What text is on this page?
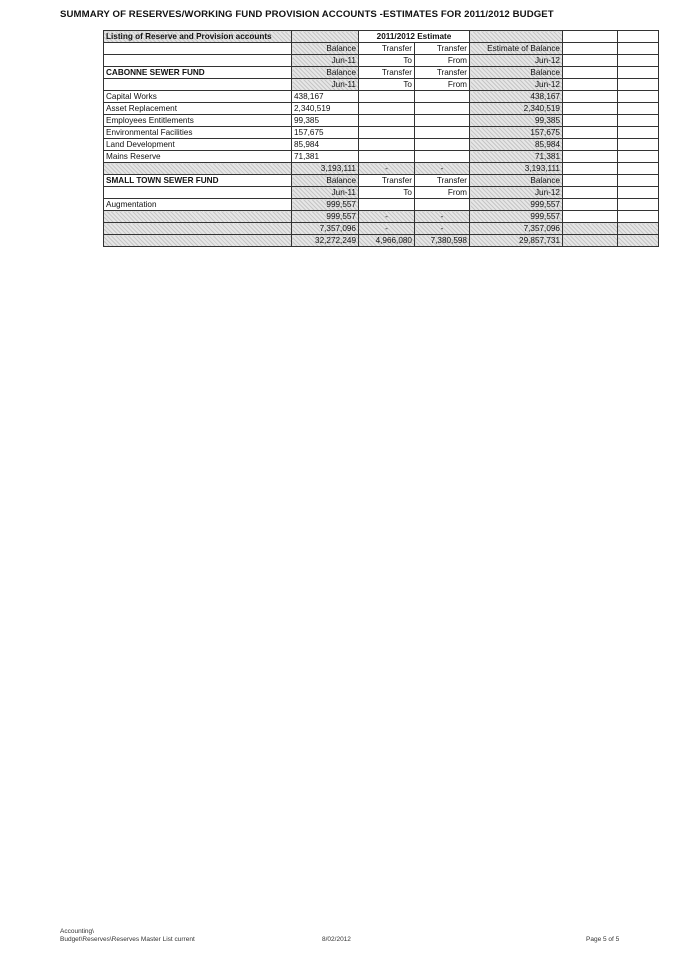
SUMMARY OF RESERVES/WORKING FUND PROVISION ACCOUNTS -ESTIMATES FOR 2011/2012 BUDGET
Listing of Reserve and Provision accounts		2011/2012 Estimate				
	Balance	Transfer	Transfer	Estimate of Balance		
	Jun-11	To	From	Jun-12		
CABONNE SEWER FUND	Balance	Transfer	Transfer	Balance		
	Jun-11	To	From	Jun-12		
Capital Works	438,167			438,167		
Asset Replacement	2,340,519			2,340,519		
Employees Entitlements	99,385			99,385		
Environmental Facilities	157,675			157,675		
Land Development	85,984			85,984		
Mains Reserve	71,381			71,381		
	3,193,111	-	-	3,193,111		
SMALL TOWN SEWER FUND	Balance	Transfer	Transfer	Balance		
	Jun-11	To	From	Jun-12		
Augmentation	999,557			999,557		
	999,557	-	-	999,557		
	7,357,096	-	-	7,357,096		
	32,272,249	4,966,080	7,380,598	29,857,731		
Accounting\
Budget\Reserves\Reserves Master List current	8/02/2012	Page 5 of 5
